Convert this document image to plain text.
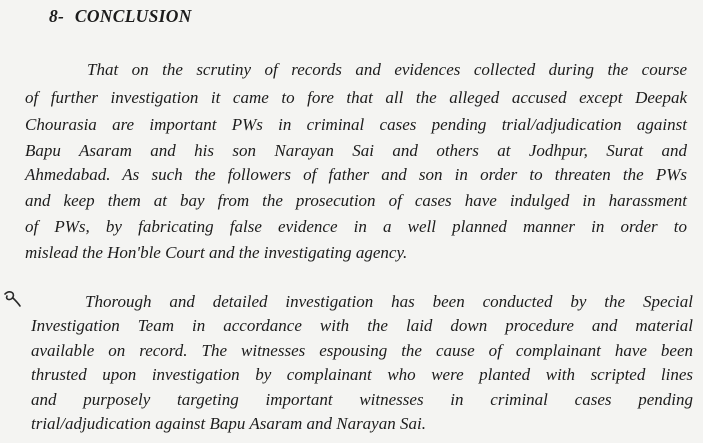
8- CONCLUSION
That on the scrutiny of records and evidences collected during the course
of further investigation it came to fore that all the alleged accused except Deepak
Chourasia are important PWs in criminal cases pending trial/adjudication against
Bapu Asaram and his son Narayan Sai and others at Jodhpur, Surat and
Ahmedabad. As such the followers of father and son in order to threaten the PWs
and keep them at bay from the prosecution of cases have indulged in harassment
of PWs, by fabricating false evidence in a well planned manner in order to
mislead the Hon'ble Court and the investigating agency.
Thorough and detailed investigation has been conducted by the Special
Investigation Team in accordance with the laid down procedure and material
available on record. The witnesses espousing the cause of complainant have been
thrusted upon investigation by complainant who were planted with scripted lines
and purposely targeting important witnesses in criminal cases pending
trial/adjudication against Bapu Asaram and Narayan Sai.
